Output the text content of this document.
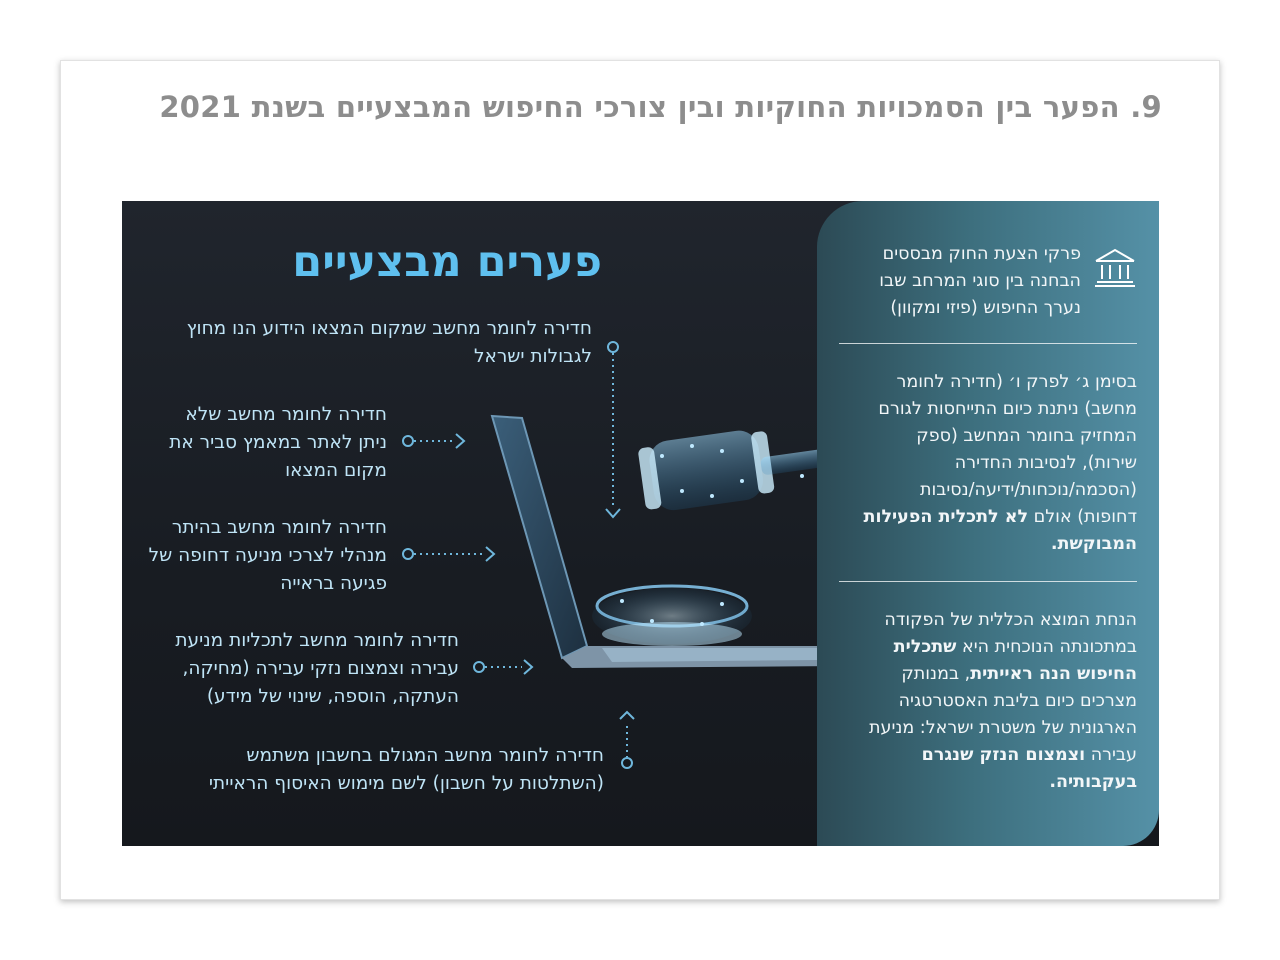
9. הפער בין הסמכויות החוקיות ובין צורכי החיפוש המבצעיים בשנת 2021
פערים מבצעיים
חדירה לחומר מחשב שמקום המצאו הידוע הנו מחוץ לגבולות ישראל
חדירה לחומר מחשב שלא ניתן לאתר במאמץ סביר את מקום המצאו
חדירה לחומר מחשב בהיתר מנהלי לצרכי מניעה דחופה של פגיעה בראייה
חדירה לחומר מחשב לתכליות מניעת עבירה וצמצום נזקי עבירה (מחיקה, העתקה, הוספה, שינוי של מידע)
חדירה לחומר מחשב המגולם בחשבון משתמש (השתלטות על חשבון) לשם מימוש האיסוף הראייתי
פרקי הצעת החוק מבססים הבחנה בין סוגי המרחב שבו נערך החיפוש (פיזי ומקוון)
בסימן ג׳ לפרק ו׳ (חדירה לחומר מחשב) ניתנת כיום התייחסות לגורם המחזיק בחומר המחשב (ספק שירות), לנסיבות החדירה (הסכמה/נוכחות/ידיעה/נסיבות דחופות) אולם לא לתכלית הפעילות המבוקשת.
הנחת המוצא הכללית של הפקודה במתכונתה הנוכחית היא שתכלית החיפוש הנה ראייתית, במנותק מצרכים כיום בליבת האסטרטגיה הארגונית של משטרת ישראל: מניעת עבירה וצמצום הנזק שנגרם בעקבותיה.
